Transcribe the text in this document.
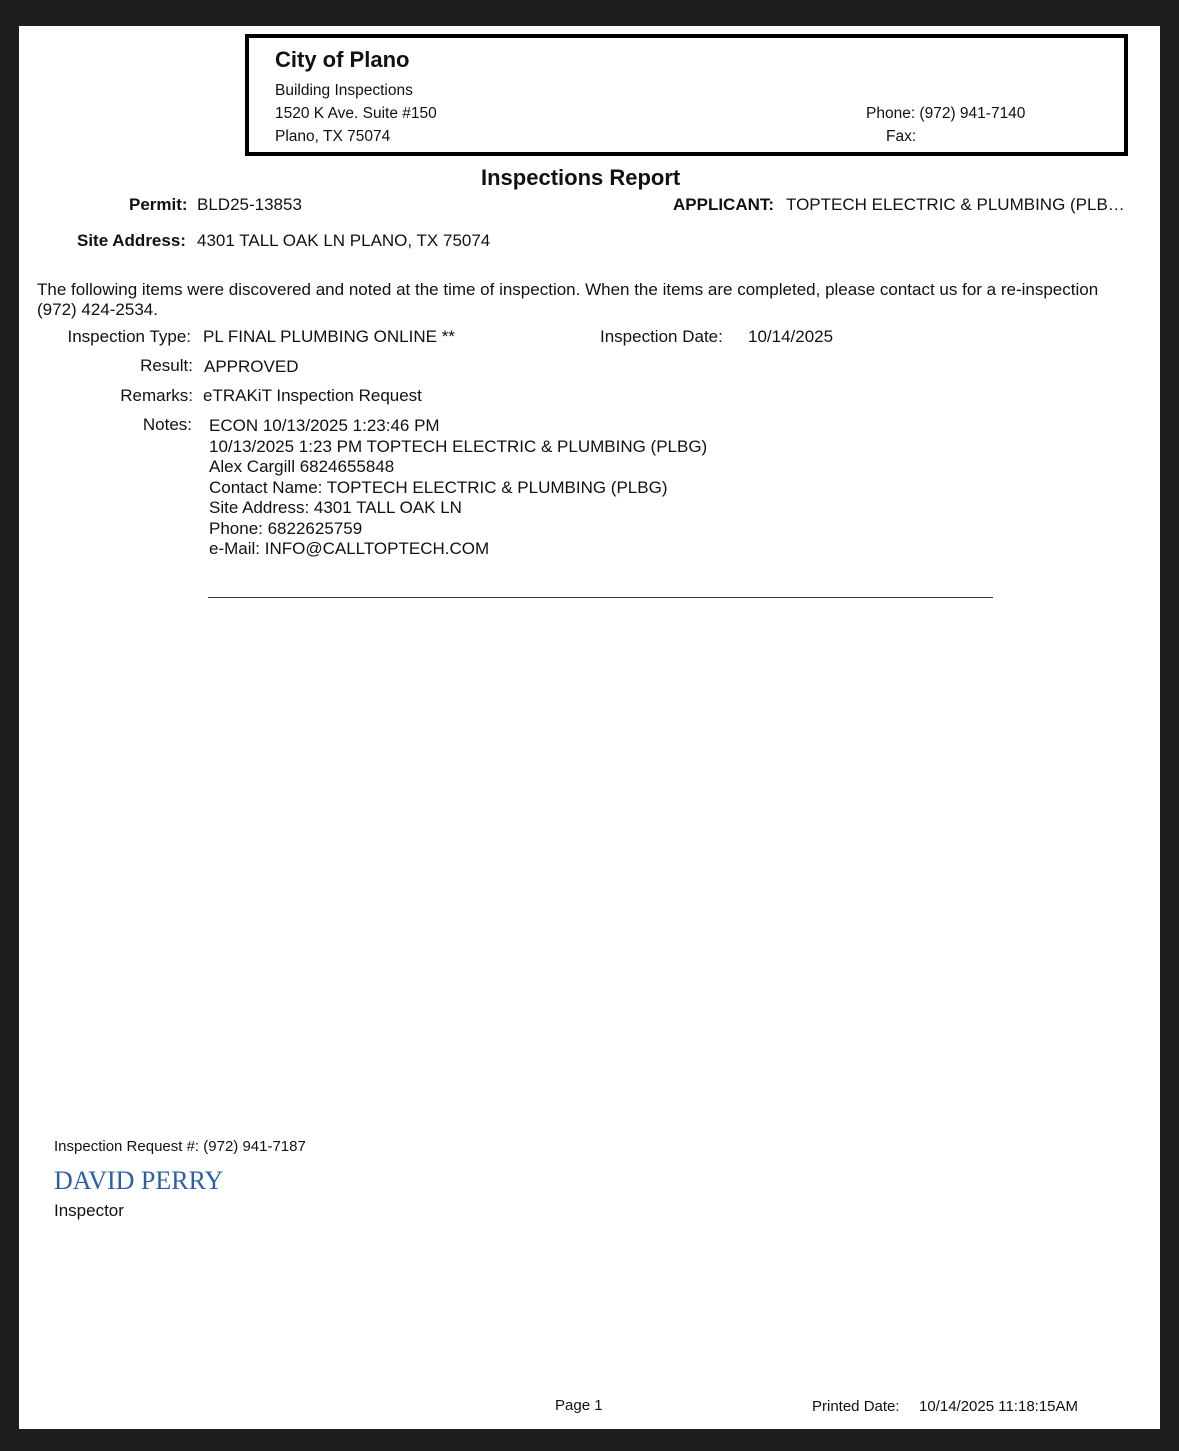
City of Plano
Building Inspections
1520 K Ave. Suite #150
Plano, TX 75074
Phone: (972) 941-7140
Fax:
Inspections Report
Permit: BLD25-13853	APPLICANT: TOPTECH ELECTRIC & PLUMBING (PLB…
Site Address: 4301 TALL OAK LN PLANO, TX 75074
The following items were discovered and noted at the time of inspection. When the items are completed, please contact us for a re-inspection (972) 424-2534.
Inspection Type: PL FINAL PLUMBING ONLINE **	Inspection Date: 10/14/2025
Result: APPROVED
Remarks: eTRAKiT Inspection Request
Notes: ECON 10/13/2025 1:23:46 PM
10/13/2025 1:23 PM TOPTECH ELECTRIC & PLUMBING (PLBG)
Alex Cargill 6824655848
Contact Name: TOPTECH ELECTRIC & PLUMBING (PLBG)
Site Address: 4301 TALL OAK LN
Phone: 6822625759
e-Mail: INFO@CALLTOPTECH.COM
Inspection Request #: (972) 941-7187
DAVID PERRY
Inspector
Page 1	Printed Date: 10/14/2025 11:18:15AM
